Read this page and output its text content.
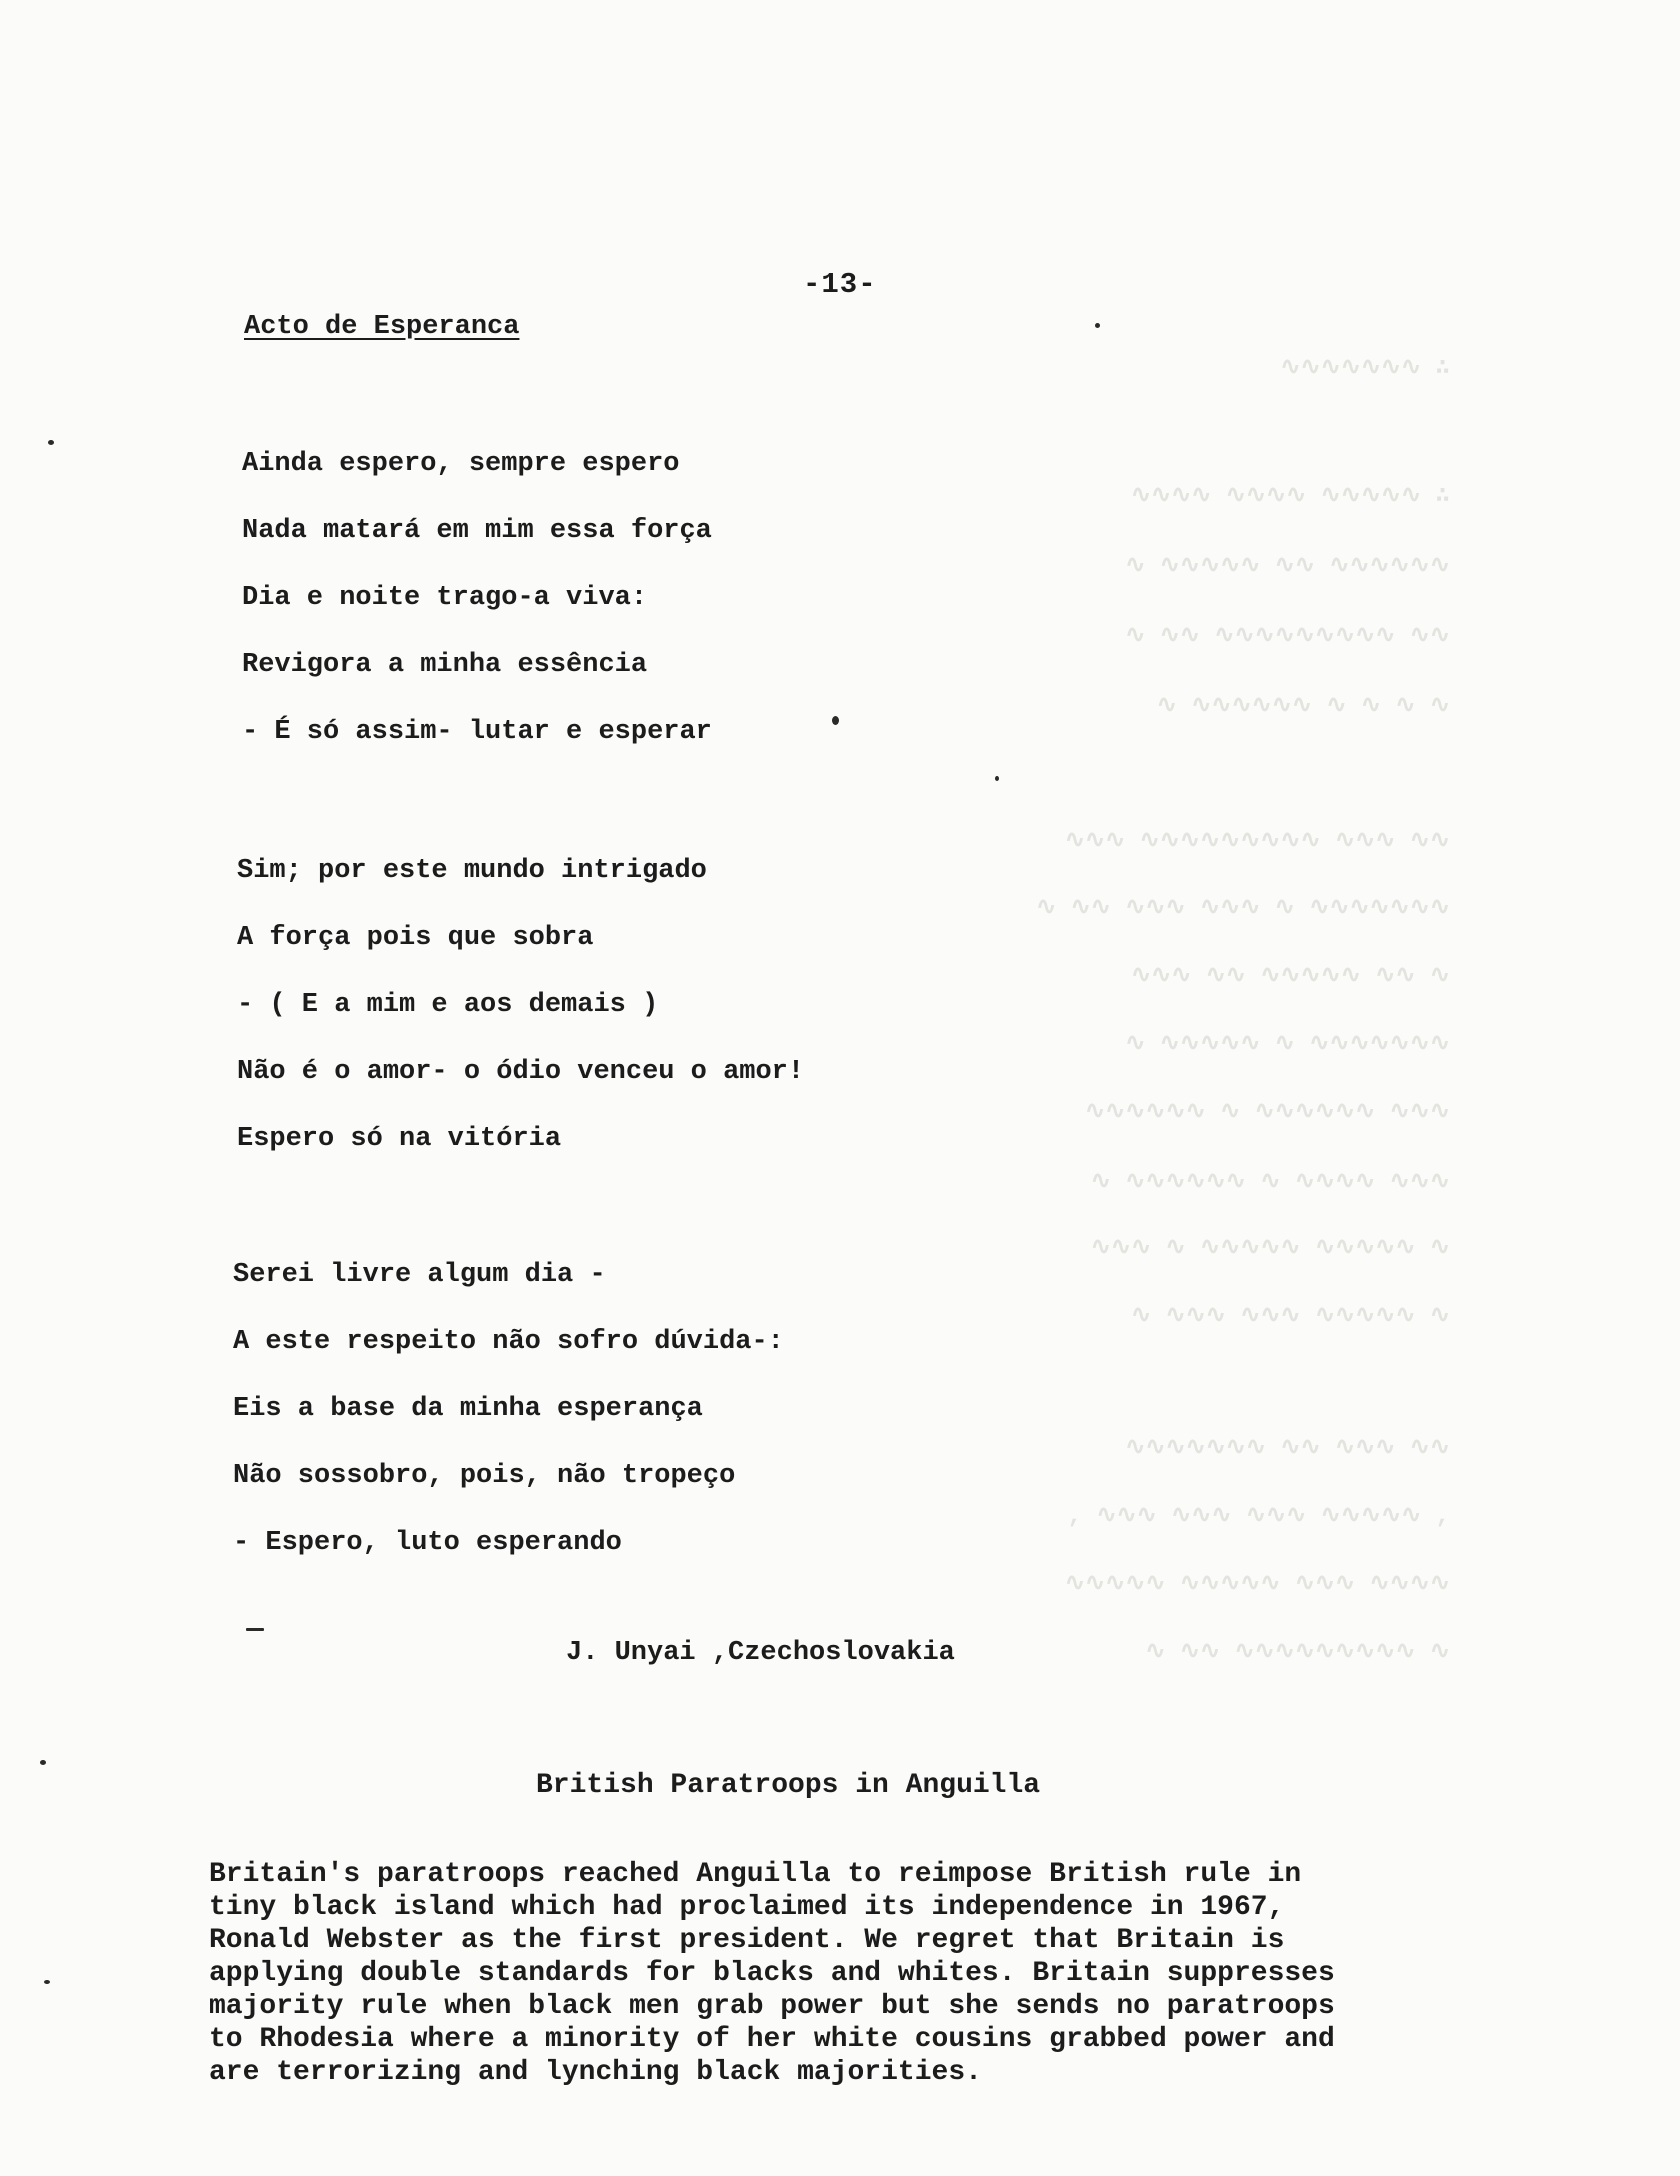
∿∿∿∿∿∿∿ ∴
∿∿∿∿ ∿∿∿∿ ∿∿∿∿∿ ∴
∿ ∿∿∿∿∿ ∿∿ ∿∿∿∿∿∿
∿ ∿∿ ∿∿∿∿∿∿∿∿∿ ∿∿
∿ ∿∿∿∿∿∿ ∿ ∿ ∿ ∿
∿∿∿ ∿∿∿∿∿∿∿∿∿ ∿∿∿ ∿∿
∿ ∿∿ ∿∿∿ ∿∿∿ ∿ ∿∿∿∿∿∿∿
∿∿∿ ∿∿ ∿∿∿∿∿ ∿∿ ∿
∿ ∿∿∿∿∿ ∿ ∿∿∿∿∿∿∿
∿∿∿∿∿∿ ∿ ∿∿∿∿∿∿ ∿∿∿
∿ ∿∿∿∿∿∿ ∿ ∿∿∿∿ ∿∿∿
∿∿∿ ∿ ∿∿∿∿∿ ∿∿∿∿∿ ∿
∿ ∿∿∿ ∿∿∿ ∿∿∿∿∿ ∿
∿∿∿∿∿∿∿ ∿∿ ∿∿∿ ∿∿
, ∿∿∿ ∿∿∿ ∿∿∿ ∿∿∿∿∿ ,
∿∿∿∿∿ ∿∿∿∿∿ ∿∿∿ ∿∿∿∿
∿ ∿∿ ∿∿∿∿∿∿∿∿∿ ∿
-13-
Acto de Esperanca
Ainda espero, sempre espero
Nada matará em mim essa força
Dia e noite trago-a viva:
Revigora a minha essência
- É só assim- lutar e esperar
Sim; por este mundo intrigado
A força pois que sobra
- ( E a mim e aos demais )
Não é o amor- o ódio venceu o amor!
Espero só na vitória
Serei livre algum dia -
A este respeito não sofro dúvida-:
Eis a base da minha esperança
Não sossobro, pois, não tropeço
- Espero, luto esperando
J. Unyai ,Czechoslovakia
British Paratroops in Anguilla

Britain's paratroops reached Anguilla to reimpose British rule in
tiny black island which had proclaimed its independence in 1967,
Ronald Webster as the first president. We regret that Britain is
applying double standards for blacks and whites. Britain suppresses
majority rule when black men grab power but she sends no paratroops
to Rhodesia where a minority of her white cousins grabbed power and
are terrorizing and lynching black majorities.
